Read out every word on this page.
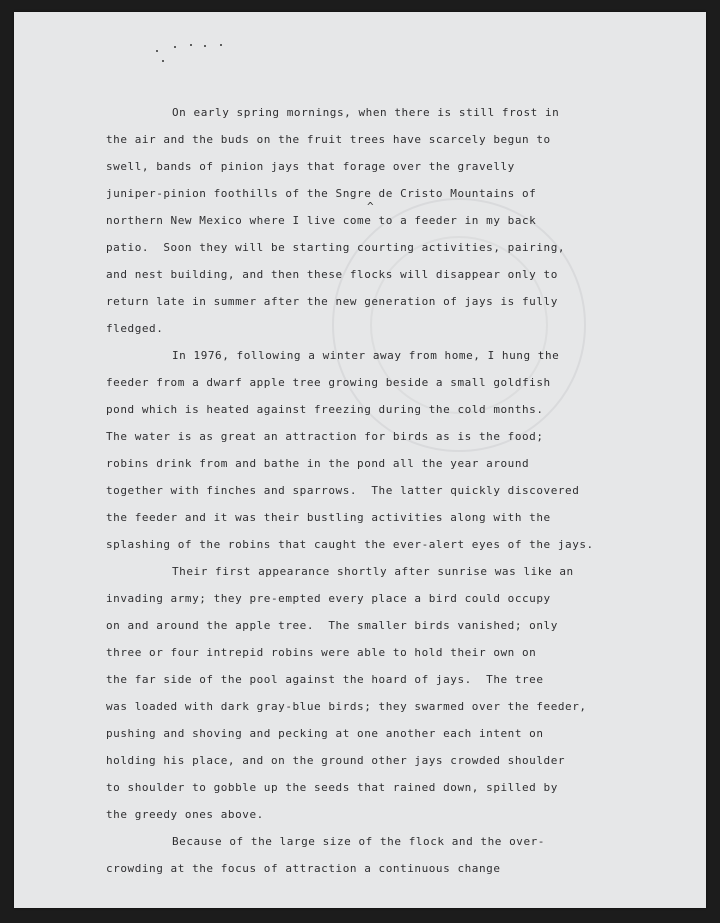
^
On early spring mornings, when there is still frost in
the air and the buds on the fruit trees have scarcely begun to
swell, bands of pinion jays that forage over the gravelly
juniper-pinion foothills of the Sngre de Cristo Mountains of
northern New Mexico where I live come to a feeder in my back
patio.  Soon they will be starting courting activities, pairing,
and nest building, and then these flocks will disappear only to
return late in summer after the new generation of jays is fully
fledged.
In 1976, following a winter away from home, I hung the
feeder from a dwarf apple tree growing beside a small goldfish
pond which is heated against freezing during the cold months.
The water is as great an attraction for birds as is the food;
robins drink from and bathe in the pond all the year around
together with finches and sparrows.  The latter quickly discovered
the feeder and it was their bustling activities along with the
splashing of the robins that caught the ever-alert eyes of the jays.
Their first appearance shortly after sunrise was like an
invading army; they pre-empted every place a bird could occupy
on and around the apple tree.  The smaller birds vanished; only
three or four intrepid robins were able to hold their own on
the far side of the pool against the hoard of jays.  The tree
was loaded with dark gray-blue birds; they swarmed over the feeder,
pushing and shoving and pecking at one another each intent on
holding his place, and on the ground other jays crowded shoulder
to shoulder to gobble up the seeds that rained down, spilled by
the greedy ones above.
Because of the large size of the flock and the over-
crowding at the focus of attraction a continuous change
